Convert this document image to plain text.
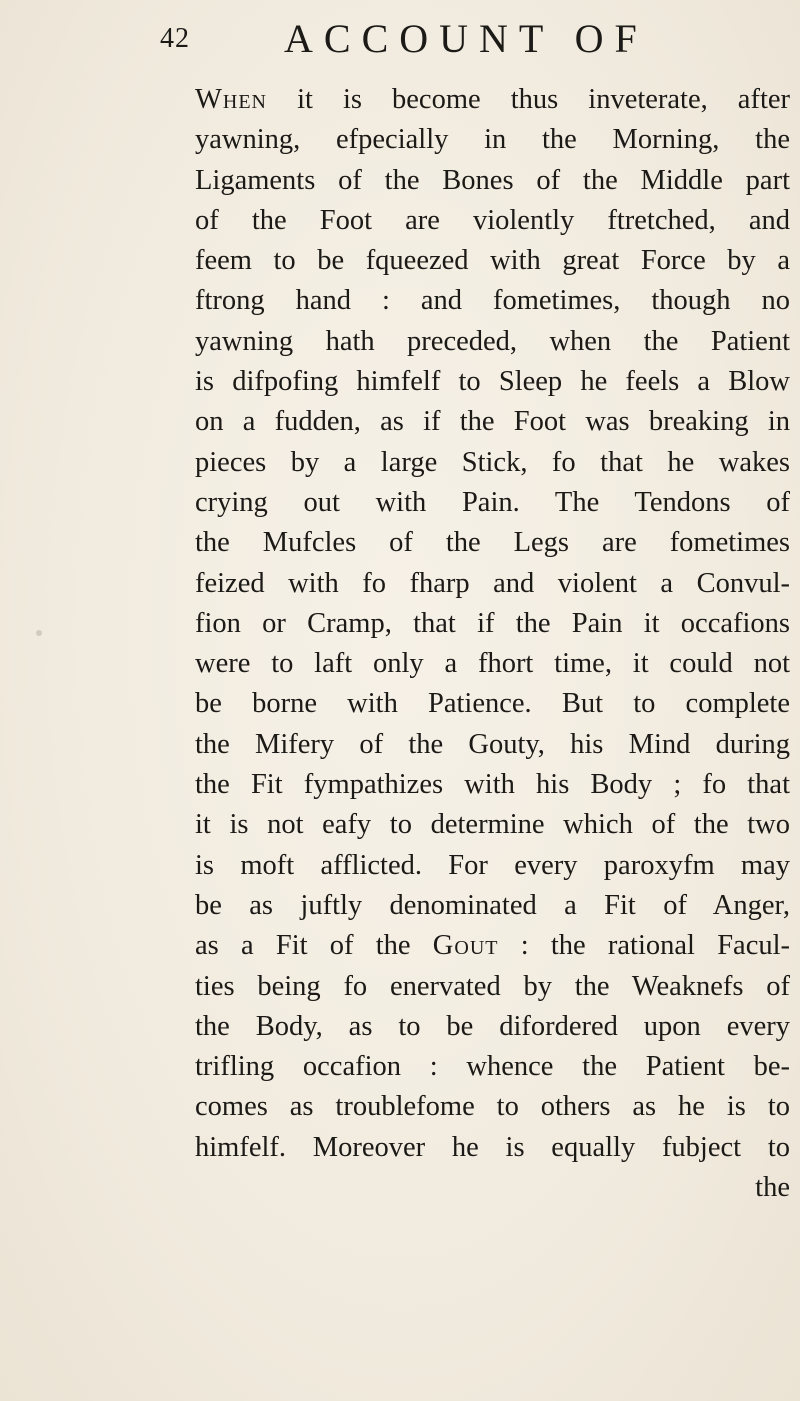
42 ACCOUNT OF
When it is become thus inveterate, after
yawning, efpecially in the Morning, the
Ligaments of the Bones of the Middle part
of the Foot are violently ftretched, and
feem to be fqueezed with great Force by a
ftrong hand : and fometimes, though no
yawning hath preceded, when the Patient
is difpofing himfelf to Sleep he feels a Blow
on a fudden, as if the Foot was breaking in
pieces by a large Stick, fo that he wakes
crying out with Pain. The Tendons of
the Mufcles of the Legs are fometimes
feized with fo fharp and violent a Convul-
fion or Cramp, that if the Pain it occafions
were to laft only a fhort time, it could not
be borne with Patience. But to complete
the Mifery of the Gouty, his Mind during
the Fit fympathizes with his Body ; fo that
it is not eafy to determine which of the two
is moft afflicted. For every paroxyfm may
be as juftly denominated a Fit of Anger,
as a Fit of the Gout : the rational Facul-
ties being fo enervated by the Weaknefs of
the Body, as to be difordered upon every
trifling occafion : whence the Patient be-
comes as troublefome to others as he is to
himfelf. Moreover he is equally fubject to
the
